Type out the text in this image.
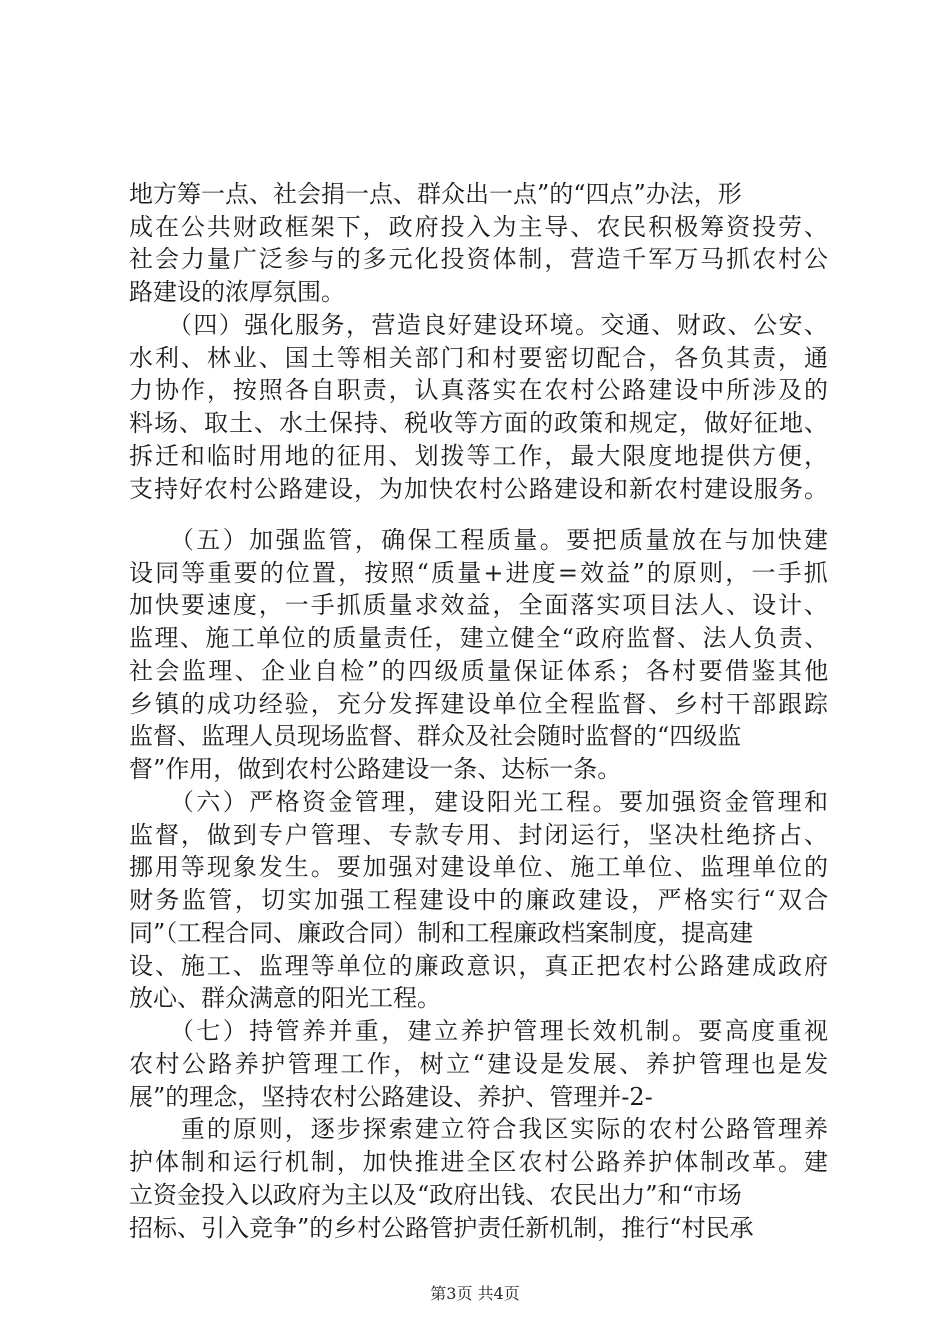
地方筹一点、社会捐一点、群众出一点”的“四点”办法，形
成在公共财政框架下，政府投入为主导、农民积极筹资投劳、
社会力量广泛参与的多元化投资体制，营造千军万马抓农村公
路建设的浓厚氛围。
　　（四）强化服务，营造良好建设环境。交通、财政、公安、
水利、林业、国土等相关部门和村要密切配合，各负其责，通
力协作，按照各自职责，认真落实在农村公路建设中所涉及的
料场、取土、水土保持、税收等方面的政策和规定，做好征地、
拆迁和临时用地的征用、划拨等工作，最大限度地提供方便，
支持好农村公路建设，为加快农村公路建设和新农村建设服务。
　　（五）加强监管，确保工程质量。要把质量放在与加快建
设同等重要的位置，按照“质量+进度=效益”的原则，一手抓
加快要速度，一手抓质量求效益，全面落实项目法人、设计、
监理、施工单位的质量责任，建立健全“政府监督、法人负责、
社会监理、企业自检”的四级质量保证体系；各村要借鉴其他
乡镇的成功经验，充分发挥建设单位全程监督、乡村干部跟踪
监督、监理人员现场监督、群众及社会随时监督的“四级监
督”作用，做到农村公路建设一条、达标一条。
　　（六）严格资金管理，建设阳光工程。要加强资金管理和
监督，做到专户管理、专款专用、封闭运行，坚决杜绝挤占、
挪用等现象发生。要加强对建设单位、施工单位、监理单位的
财务监管，切实加强工程建设中的廉政建设，严格实行“双合
同”（工程合同、廉政合同）制和工程廉政档案制度，提高建
设、施工、监理等单位的廉政意识，真正把农村公路建成政府
放心、群众满意的阳光工程。
　　（七）持管养并重，建立养护管理长效机制。要高度重视
农村公路养护管理工作，树立“建设是发展、养护管理也是发
展”的理念，坚持农村公路建设、养护、管理并-2-
　　重的原则，逐步探索建立符合我区实际的农村公路管理养
护体制和运行机制，加快推进全区农村公路养护体制改革。建
立资金投入以政府为主以及“政府出钱、农民出力”和“市场
招标、引入竞争”的乡村公路管护责任新机制，推行“村民承
第3页 共4页
